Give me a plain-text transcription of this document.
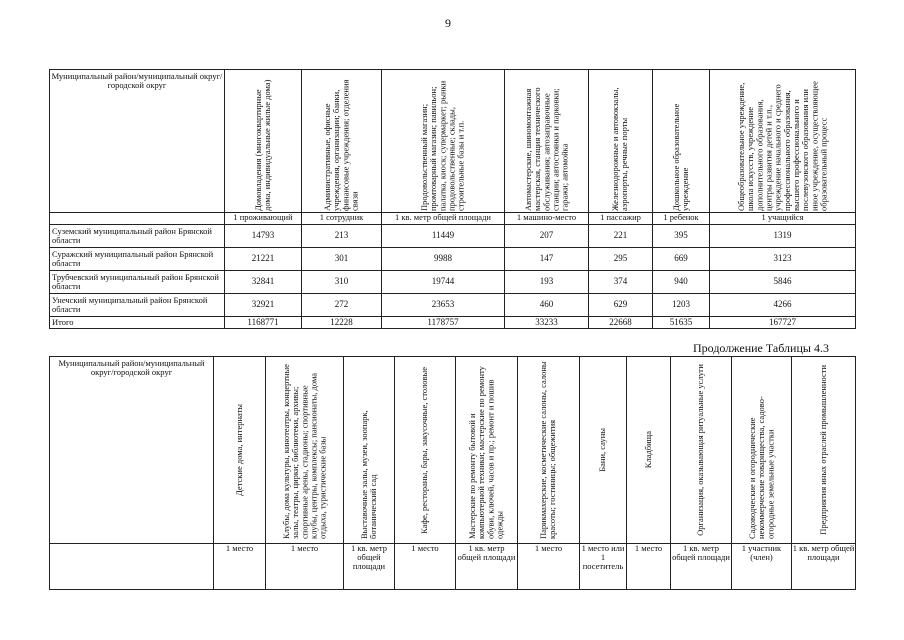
9
Муниципальный район/муниципальный округ/городской округ	Домовладения (многоквартирные дома, индивидуальные жилые дома)	Административные, офисные учреждения, организации; банки, финансовые учреждения; отделения связи	Продовольственный магазин; промтоварный магазин; павильон; палатка, киоск; супермаркет; рынки продовольственные; склады, строительные базы и т.п.	Автомастерские, шиномонтажная мастерская, станция технического обслуживания; автозаправочные станции; автостоянки и парковки; гаражи; автомойка	Железнодорожные и автовокзалы, аэропорты, речные порты	Дошкольное образовательное учреждение	Общеобразовательное учреждение, школа искусств, учреждение дополнительного образования, центры развития детей и т.п., учреждение начального и среднего профессионального образования, высшего профессионального и послевузовского образования или иное учреждение, осуществляющее образовательный процесс

	1 проживающий	1 сотрудник	1 кв. метр общей площади	1 машино-место	1 пассажир	1 ребенок	1 учащийся
Суземский муниципальный район Брянской области	14793	213	11449	207	221	395	1319
Суражский муниципальный район Брянской области	21221	301	9988	147	295	669	3123
Трубчевский муниципальный район Брянской области	32841	310	19744	193	374	940	5846
Унечский муниципальный район Брянской области	32921	272	23653	460	629	1203	4266
Итого	1168771	12228	1178757	33233	22668	51635	167727
Продолжение Таблицы 4.3
Муниципальный район/муниципальный округ/городской округ	Детские дома, интернаты	Клубы, дома культуры, кинотеатры, концертные залы, театры, цирки; библиотеки, архивы; спортивные арены, стадионы; спортивные клубы, центры, комплексы; пансионаты, дома отдыха, туристические базы	Выставочные залы, музеи, зоопарк, ботанический сад	Кафе, рестораны, бары, закусочные, столовые	Мастерские по ремонту бытовой и компьютерной техники; мастерские по ремонту обуви, ключей, часов и пр.; ремонт и пошив одежды	Парикмахерские, косметические салоны, салоны красоты; гостиницы; общежития	Бани, сауны	Кладбища	Организация, оказывающая ритуальные услуги	Садоводческие и огороднические некоммерческие товарищества, садово-огородные земельные участки	Предприятия иных отраслей промышленности

	1 место	1 место	1 кв. метр общей площади	1 место	1 кв. метр общей площади	1 место	1 место или 1 посетитель	1 место	1 кв. метр общей площади	1 участник (член)	1 кв. метр общей площади
